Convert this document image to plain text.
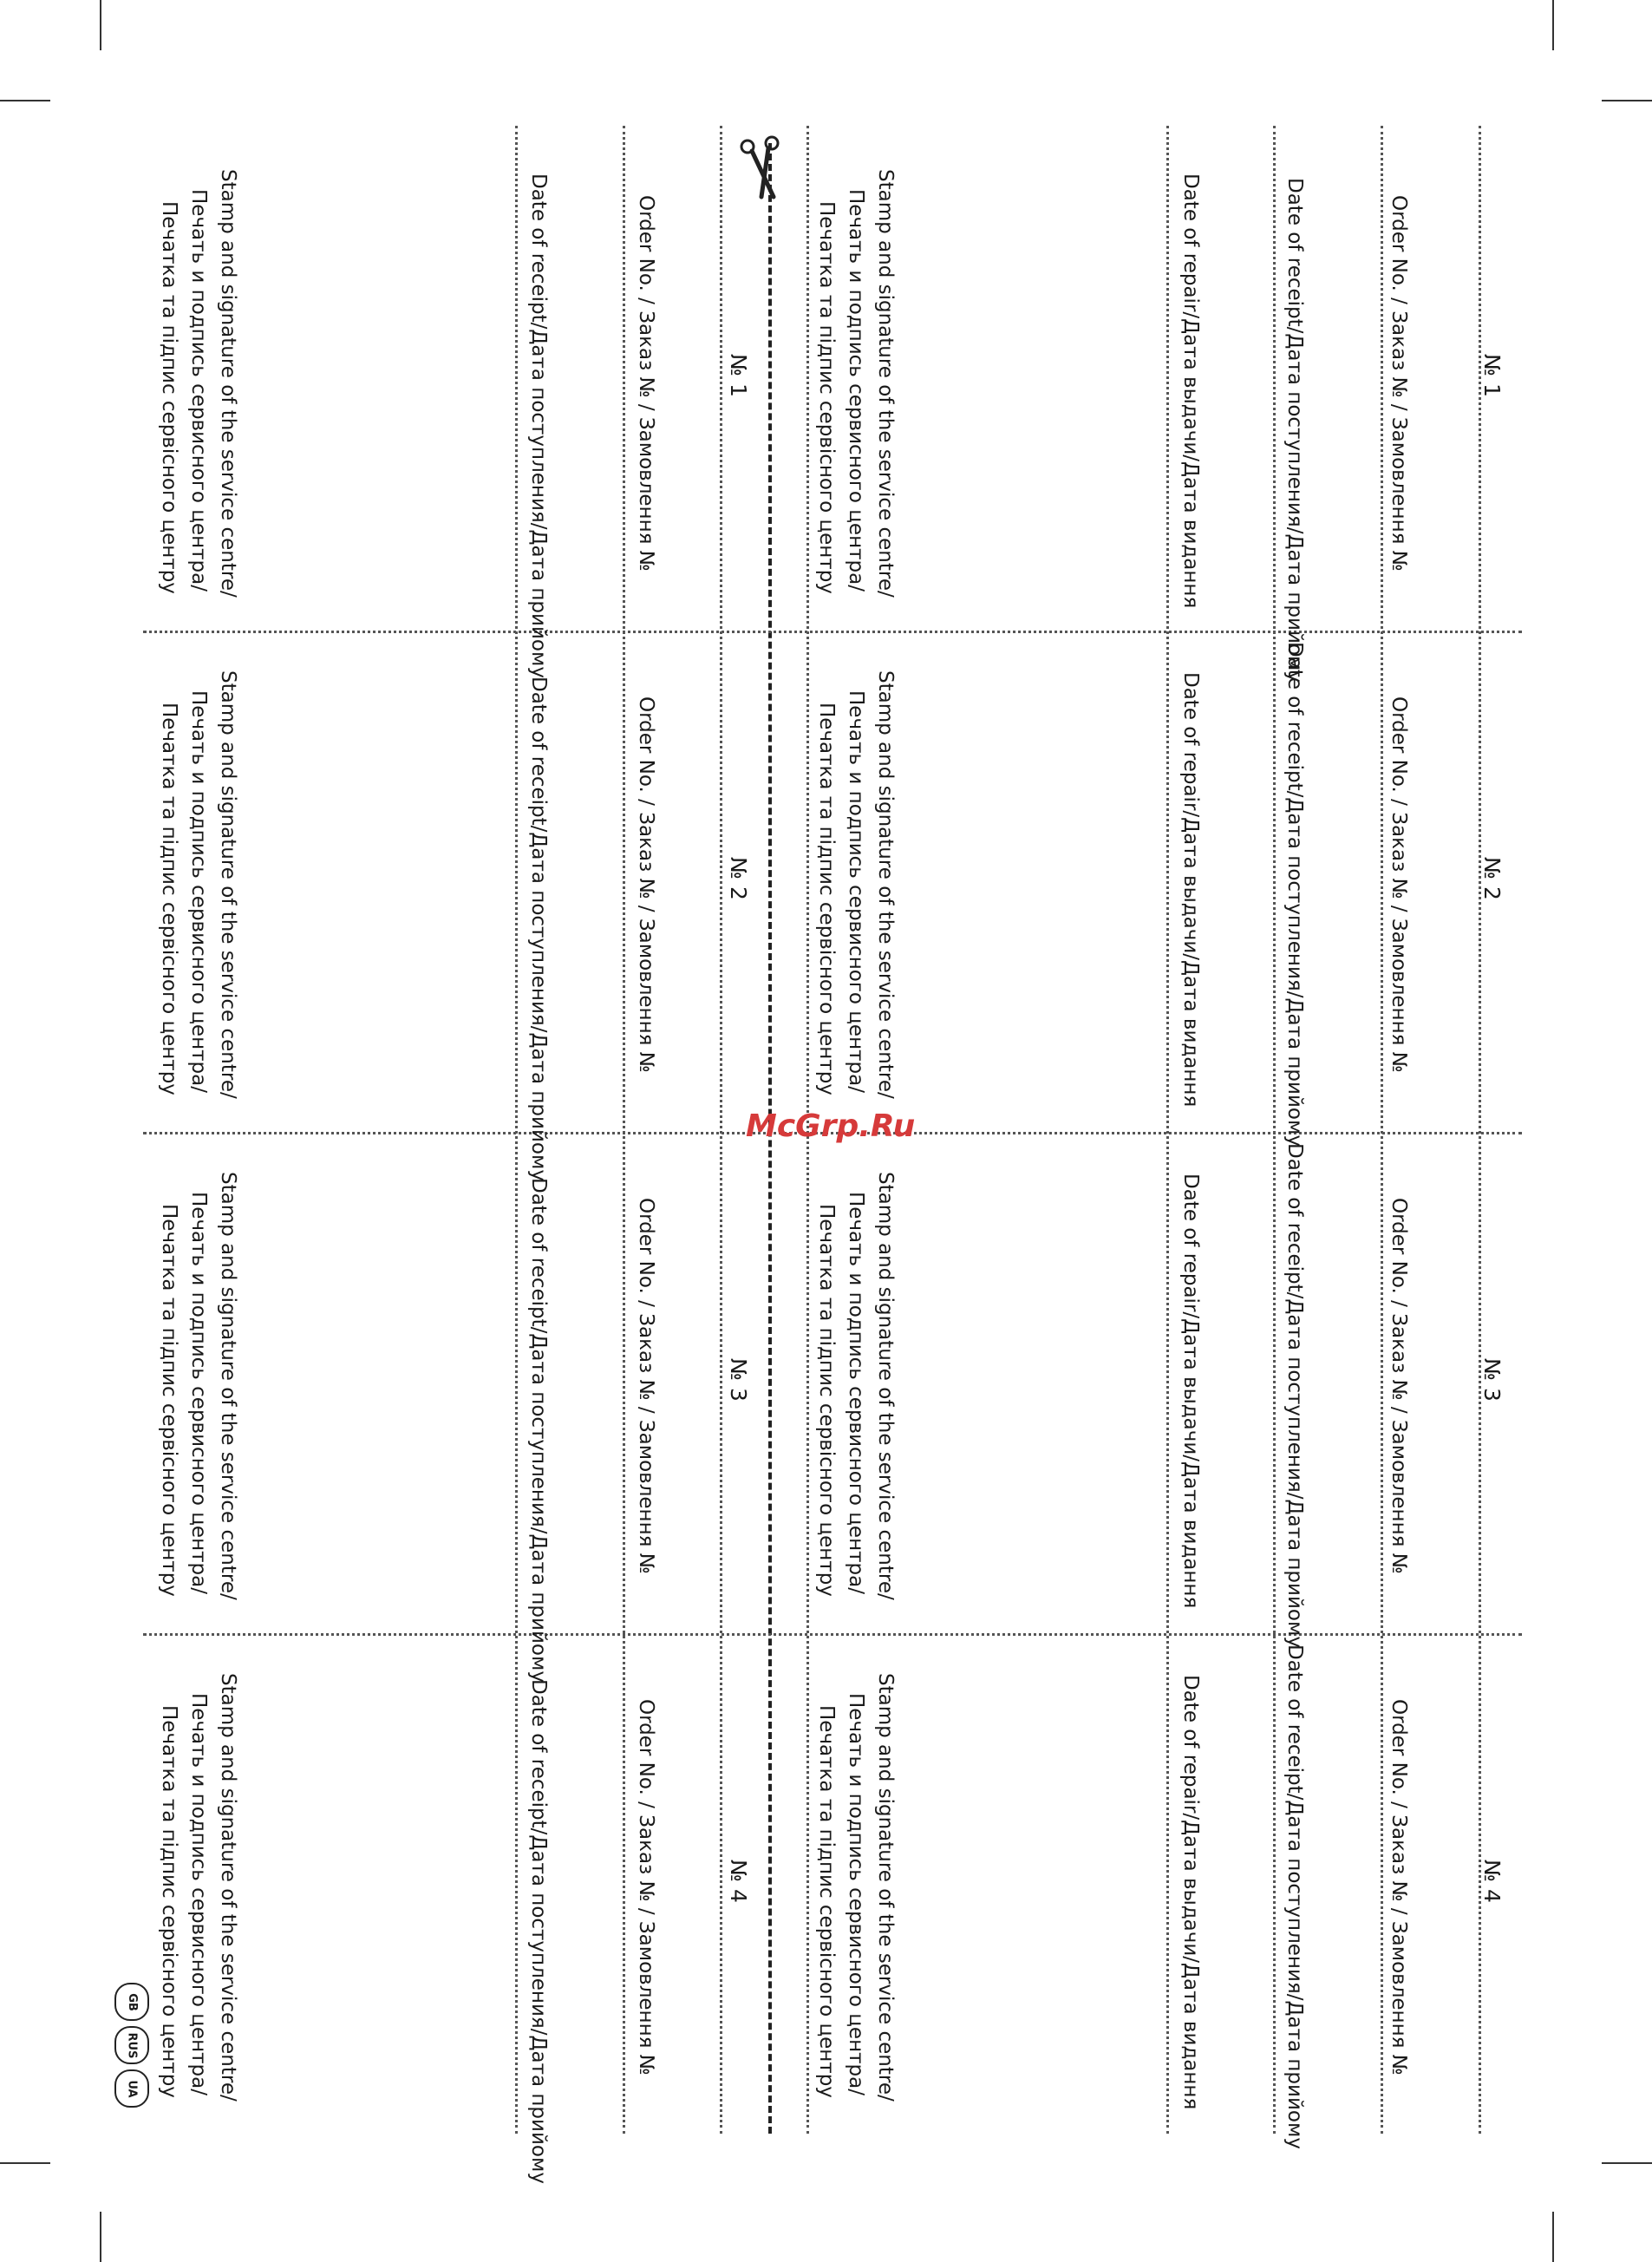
McGrp.Ru
GB
RUS
UA
№ 1
Order No. / Заказ № / Замовлення №
Date of receipt/Дата поступления/Дата прийому
Date of repair/Дата выдачи/Дата видання
Stamp and signature of the service centre/
Печать и подпись сервисного центра/
Печатка та підпис сервісного центру
№ 1
Order No. / Заказ № / Замовлення №
Date of receipt/Дата поступления/Дата прийому
Stamp and signature of the service centre/
Печать и подпись сервисного центра/
Печатка та підпис сервісного центру
№ 2
Order No. / Заказ № / Замовлення №
Date of receipt/Дата поступления/Дата прийому
Date of repair/Дата выдачи/Дата видання
Stamp and signature of the service centre/
Печать и подпись сервисного центра/
Печатка та підпис сервісного центру
№ 2
Order No. / Заказ № / Замовлення №
Date of receipt/Дата поступления/Дата прийому
Stamp and signature of the service centre/
Печать и подпись сервисного центра/
Печатка та підпис сервісного центру
№ 3
Order No. / Заказ № / Замовлення №
Date of receipt/Дата поступления/Дата прийому
Date of repair/Дата выдачи/Дата видання
Stamp and signature of the service centre/
Печать и подпись сервисного центра/
Печатка та підпис сервісного центру
№ 3
Order No. / Заказ № / Замовлення №
Date of receipt/Дата поступления/Дата прийому
Stamp and signature of the service centre/
Печать и подпись сервисного центра/
Печатка та підпис сервісного центру
№ 4
Order No. / Заказ № / Замовлення №
Date of receipt/Дата поступления/Дата прийому
Date of repair/Дата выдачи/Дата видання
Stamp and signature of the service centre/
Печать и подпись сервисного центра/
Печатка та підпис сервісного центру
№ 4
Order No. / Заказ № / Замовлення №
Date of receipt/Дата поступления/Дата прийому
Stamp and signature of the service centre/
Печать и подпись сервисного центра/
Печатка та підпис сервісного центру
